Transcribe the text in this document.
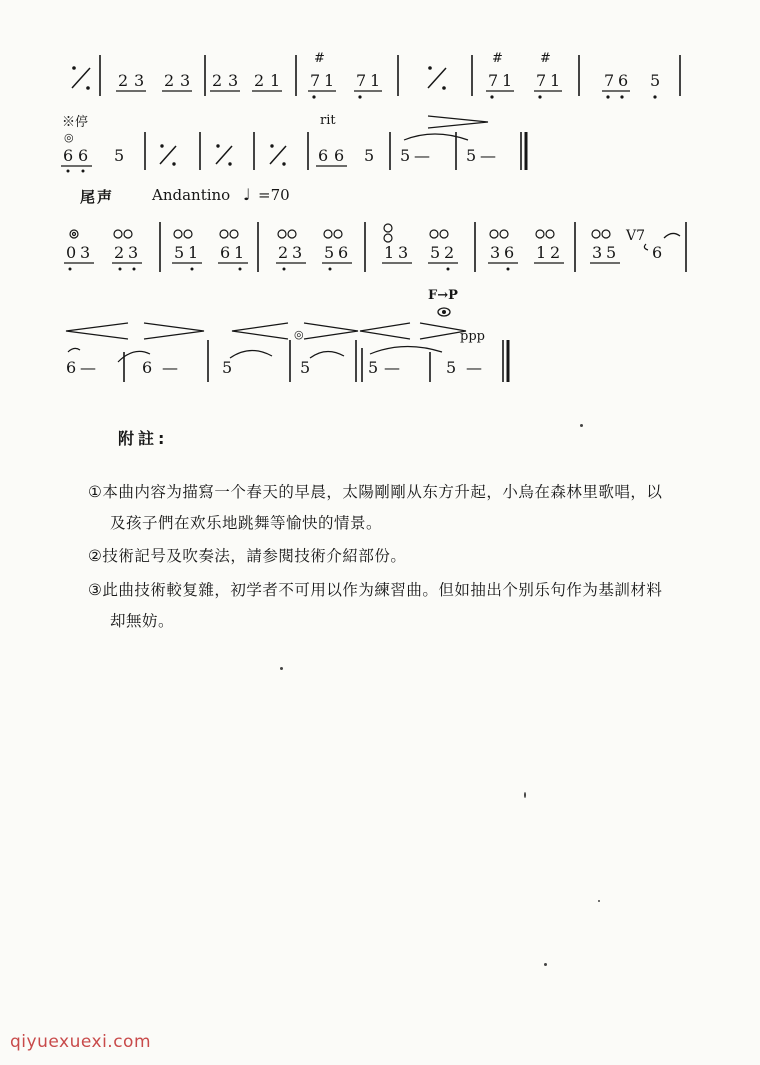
2 3 2 3 2 3 2 1 7 1 7 1	7 1 7 1	7 6 5
#	#	#
※停
◎
rit
6 6 5	6 6 5 5 — 5 —
0 3 2 3 5 1 6 1 2 3 5 6 1 3 5 2 3 6 1 2 3 5
V7
6
F→P
ppp
◎
6 —	6 —	5	5	5 —	5 —
尾声	Andantino ♩ =70
附註:
①本曲内容为描寫一个春天的早晨，太陽剛剛从东方升起，小烏在森林里歌唱，以
及孩子們在欢乐地跳舞等愉快的情景。
②技術記号及吹奏法，請参閱技術介紹部份。
③此曲技術較复雜，初学者不可用以作为練習曲。但如抽出个别乐句作为基訓材料
却無妨。
qiyuexuexi.com
